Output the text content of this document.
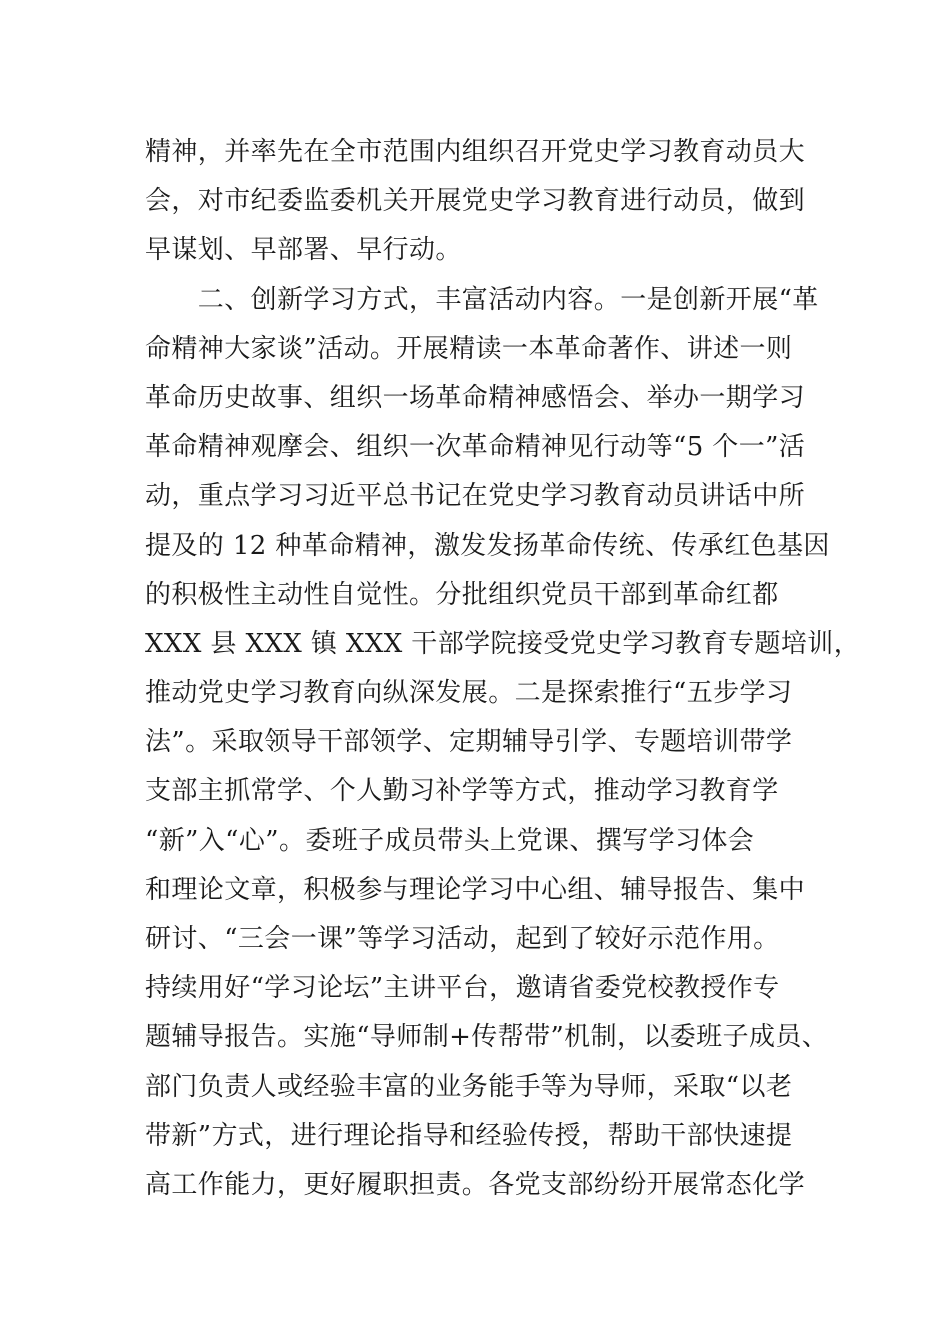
精神，并率先在全市范围内组织召开党史学习教育动员大
会，对市纪委监委机关开展党史学习教育进行动员，做到
早谋划、早部署、早行动。
　　二、创新学习方式，丰富活动内容。一是创新开展“革
命精神大家谈”活动。开展精读一本革命著作、讲述一则
革命历史故事、组织一场革命精神感悟会、举办一期学习
革命精神观摩会、组织一次革命精神见行动等“5 个一”活
动，重点学习习近平总书记在党史学习教育动员讲话中所
提及的 12 种革命精神，激发发扬革命传统、传承红色基因
的积极性主动性自觉性。分批组织党员干部到革命红都
XXX 县 XXX 镇 XXX 干部学院接受党史学习教育专题培训，
推动党史学习教育向纵深发展。二是探索推行“五步学习
法”。采取领导干部领学、定期辅导引学、专题培训带学
支部主抓常学、个人勤习补学等方式，推动学习教育学
“新”入“心”。委班子成员带头上党课、撰写学习体会
和理论文章，积极参与理论学习中心组、辅导报告、集中
研讨、“三会一课”等学习活动，起到了较好示范作用。
持续用好“学习论坛”主讲平台，邀请省委党校教授作专
题辅导报告。实施“导师制+传帮带”机制，以委班子成员、
部门负责人或经验丰富的业务能手等为导师，采取“以老
带新”方式，进行理论指导和经验传授，帮助干部快速提
高工作能力，更好履职担责。各党支部纷纷开展常态化学
